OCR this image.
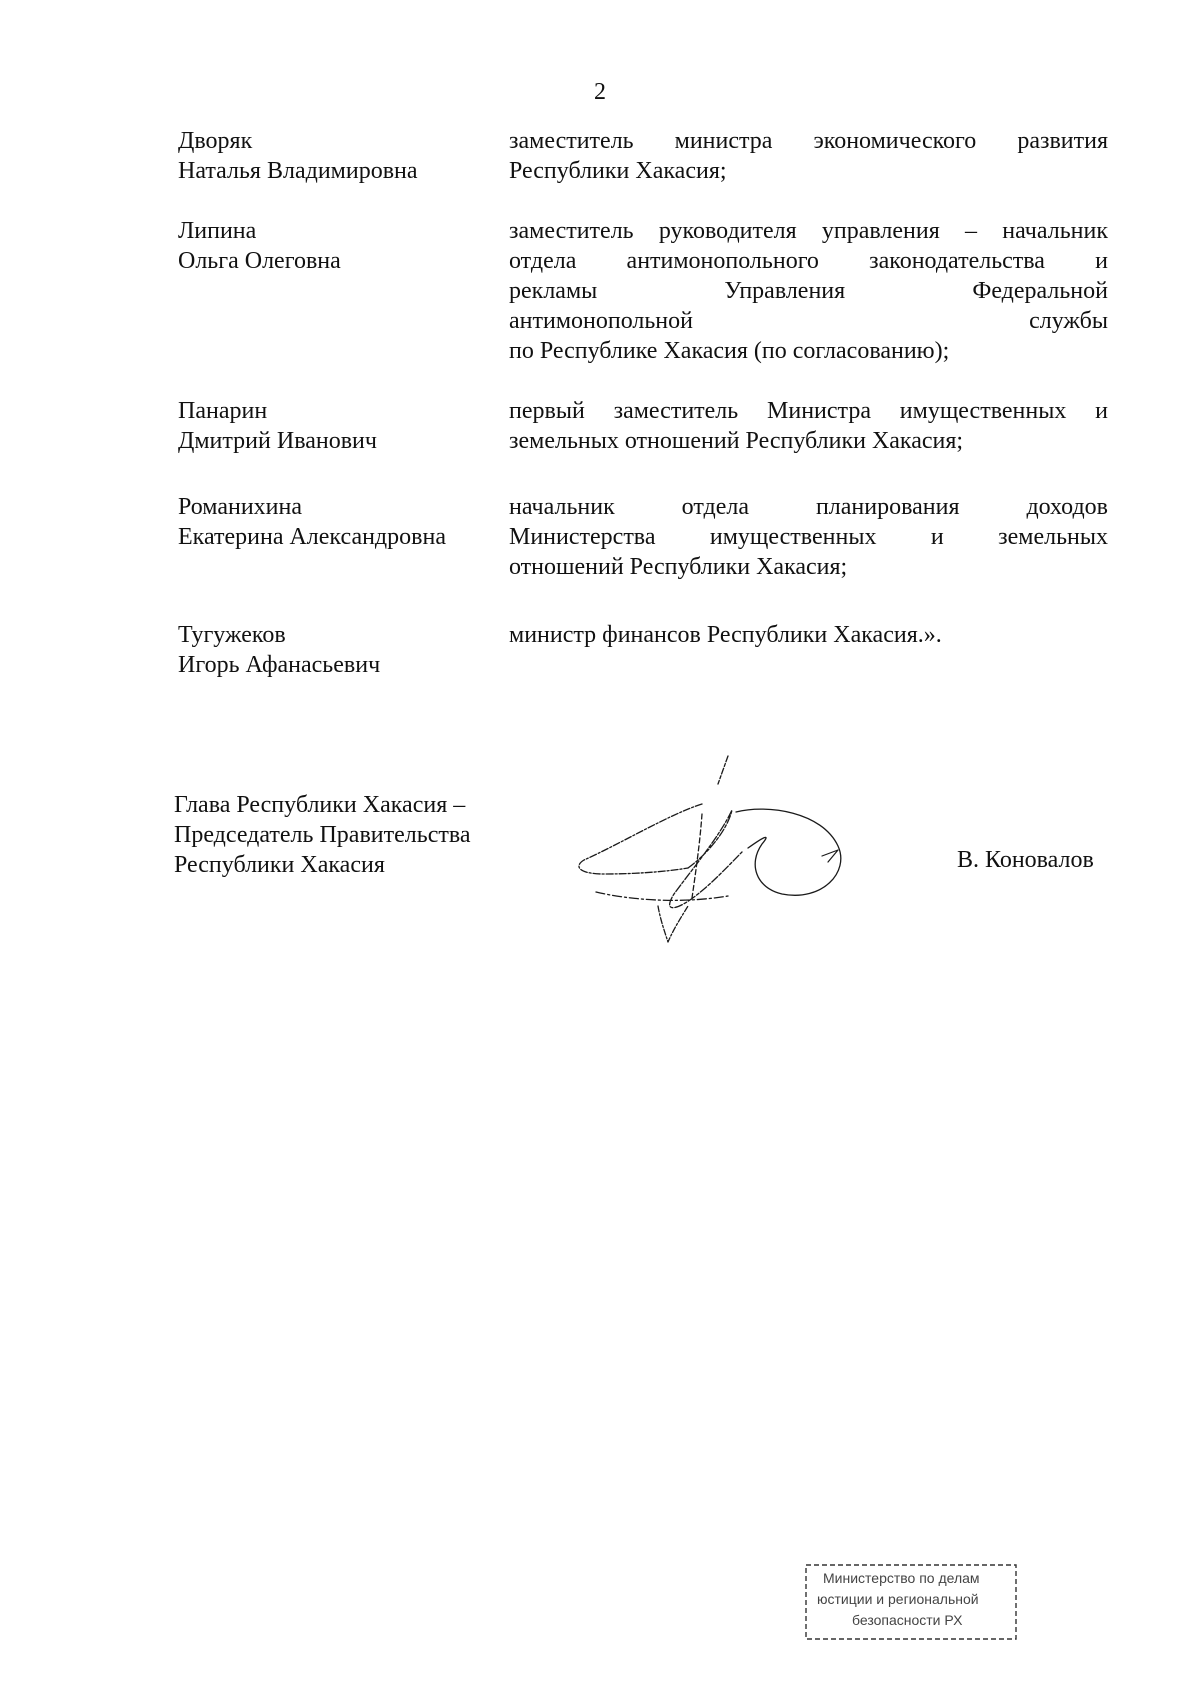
2
Дворяк
Наталья Владимировна
заместитель министра экономического развития
Республики Хакасия;
Липина
Ольга Олеговна
заместитель руководителя управления – начальник
отдела антимонопольного законодательства и
рекламы Управления Федеральной
антимонопольной службы
по Республике Хакасия (по согласованию);
Панарин
Дмитрий Иванович
первый заместитель Министра имущественных и
земельных отношений Республики Хакасия;
Романихина
Екатерина Александровна
начальник отдела планирования доходов
Министерства имущественных и земельных
отношений Республики Хакасия;
Тугужеков
Игорь Афанасьевич
министр финансов Республики Хакасия.».
Глава Республики Хакасия –
Председатель Правительства
Республики Хакасия	В. Коновалов
Министерство по делам
юстиции и региональной
безопасности РХ
